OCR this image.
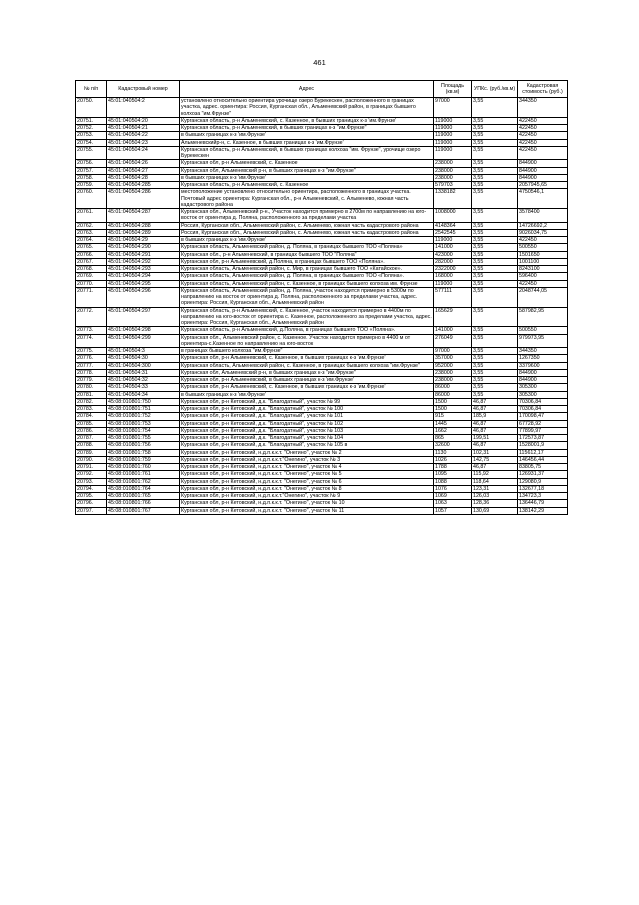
461
№ п/п	Кадастровый номер	Адрес	Площадь (кв.м)	УПКс. (руб./кв.м)	Кадастровая стоимость (руб.)
20750.	45:01:040504:2	установлено относительно ориентира урочище озеро Бурекескен, расположенного в границах участка, адрес. ориентира: Россия, Курганская обл., Альменевский район, в границах бывшего колхоза "им.Фрунзе"	97000	3,55	344350
20751.	45:01:040504:20	Курганская область, р-н Альменевский, с. Казенное, в бывших границах к-з 'им.Фрунзе'	119000	3,55	422450
20752.	45:01:040504:21	Курганская область, р-н Альменевский, в бывших границах к-з "им.Фрунзе"	119000	3,55	422450
20753.	45:01:040504:22	в бывших границах к-з 'им.Фрунзе'	119000	3,55	422450
20754.	45:01:040504:23	Альменевскийр-н, с. Казенное, в бывших границах к-з 'им.Фрунзе'	119000	3,55	422450
20755.	45:01:040504:24	Курганская область, р-н Альменевский, в бывших границах колхоза "им. Фрунзе", урочище озеро Бурекескен	119000	3,55	422450
20756.	45:01:040504:26	Курганская обл, р-н Альменевский, с. Казенное	238000	3,55	844900
20757.	45:01:040504:27	Курганская обл, Альменевский р-н, в бывших границах к-з "им.Фрунзе"	238000	3,55	844900
20758.	45:01:040504:28	в бывших границах к-з 'им.Фрунзе'	238000	3,55	844900
20759.	45:01:040504:285	Курганская область, р-н Альменевский, с. Казенное	579703	3,55	2057945,65
20760.	45:01:040504:286	местоположение установлено относительно ориентира, расположенного в границах участка. Почтовый адрес ориентира: Курганская обл., р-н Альменевский, с. Альменево, южная часть кадастрового района	1338182	3,55	4750546,1
20761.	45:01:040504:287	Курганская обл., Альменевский р-н., Участок находится примерно в 2700м по направлению на юго-восток от ориентира д. Поляна, расположенного за пределами участка	1008000	3,55	3578400
20762.	45:01:040504:288	Россия, Курганская обл., Альменевский район, с. Альменево, южная часть кадастрового района	4148364	3,55	14726692,2
20763.	45:01:040504:289	Россия, Курганская обл., Альменевский район, с. Альменево, южная часть кадастрового района	2542545	3,55	9026034,75
20764.	45:01:040504:29	в бывших границах к-з 'им.Фрунзе'	119000	3,55	422450
20765.	45:01:040504:290	Курганская область, Альменевский район, д. Поляна, в границах бывшего ТОО «Поляна»	141000	3,55	500550
20766.	45:01:040504:291	Курганская обл., р-н Альменевский, в границах бывшего ТОО "Поляна"	423000	3,55	1501650
20767.	45:01:040504:292	Курганская обл, р-н Альменевский, д.Поляна, в границах бывшего ТОО «Поляна».	282000	3,55	1001100
20768.	45:01:040504:293	Курганская область, Альменевский район, с. Мир, в границах бывшего ТОО «Катайское».	2322000	3,55	8243100
20769.	45:01:040504:294	Курганская область, Альменевский район, д. Поляна, в границах бывшего ТОО «Поляна».	168000	3,55	596400
20770.	45:01:040504:295	Курганская область, Альменевский район, с. Казенное, в границах бывшего колхоза им. Фрунзе	119000	3,55	422450
20771.	45:01:040504:296	Курганская область, Альменевский район, д. Поляна, участок находится примерно в 5300м по направлению на восток от ориентира д. Поляна, расположенного за пределами участка, адрес. ориентира: Россия, Курганская обл., Альменевский район	577111	3,55	2048744,05
20772.	45:01:040504:297	Курганская область, р-н Альменевский, с. Казенное, участок находится примерно в 4400м по направлению на юго-восток от ориентира с. Казенное, расположенного за пределами участка, адрес. ориентира: Россия, Курганская обл., Альменевский район	165629	3,55	587982,95
20773.	45:01:040504:298	Курганская область, р-н Альменевский, д.Поляна, в границах бывшего ТОО «Поляна».	141000	3,55	500550
20774.	45:01:040504:299	Курганская обл., Альменевский район, с. Казенное. Участок находится примерно в 4400 м от ориентира-с.Казенное по направлению на юго-восток	276049	3,55	979973,95
20775.	45:01:040504:3	в границах бывшего колхоза "им.Фрунзе"	97000	3,55	344350
20776.	45:01:040504:30	Курганская обл, р-н Альменевский, с. Казенное, в бывших границах к-з 'им.Фрунзе'	357000	3,55	1267350
20777.	45:01:040504:300	Курганская область, Альменевский район, с. Казенное, в границах бывшего колхоза "им.Фрунзе"	952000	3,55	3379600
20778.	45:01:040504:31	Курганская обл, Альменевский р-н, в бывших границах к-з "им.Фрунзе"	238000	3,55	844900
20779.	45:01:040504:32	Курганская обл, р-н Альменевский, в бывших границах к-з 'им.Фрунзе'	238000	3,55	844900
20780.	45:01:040504:33	Курганская обл, р-н Альменевский, с. Казенное, в бывших границах к-з 'им.Фрунзе'	86000	3,55	305300
20781.	45:01:040504:34	в бывших границах к-з 'им.Фрунзе'	86000	3,55	305300
20782.	45:08:010801:750	Курганская обл, р-н Кетовский, д.к. "Благодатный", участок № 99	1500	46,87	70306,84
20783.	45:08:010801:751	Курганская обл, р-н Кетовский, д.к. "Благодатный", участок № 100	1500	46,87	70306,84
20784.	45:08:010801:752	Курганская обл, р-н Кетовский, д.к. "Благодатный", участок № 101	915	185,9	170098,47
20785.	45:08:010801:753	Курганская обл, р-н Кетовский, д.к. "Благодатный", участок № 102	1445	46,87	67728,92
20786.	45:08:010801:754	Курганская обл, р-н Кетовский, д.к. "Благодатный", участок № 103	1662	46,87	77899,97
20787.	45:08:010801:755	Курганская обл, р-н Кетовский, д.к. "Благодатный", участок № 104	865	199,51	172573,87
20788.	45:08:010801:756	Курганская обл, р-н Кетовский, д.к. "Благодатный", участок № 105 в	32600	46,87	1528001,9
20789.	45:08:010801:758	Курганская обл, р-н Кетовский, н.д.п.к.к.т. "Онегино", участок № 2	1130	102,31	115612,17
20790.	45:08:010801:759	Курганская обл, р-н Кетовский, н.д.п.к.к.т."Онегино", участок № 3	1026	142,75	146456,44
20791.	45:08:010801:760	Курганская обл, р-н Кетовский, н.д.п.к.к.т. "Онегино", участок № 4	1788	46,87	83805,75
20792.	45:08:010801:761	Курганская обл, р-н Кетовский, н.д.п.к.к.т. "Онегино", участок № 5	1095	115,92	126931,37
20793.	45:08:010801:762	Курганская обл, р-н Кетовский, н.д.п.к.к.т. "Онегино", участок № 6	1088	118,64	129080,9
20794.	45:08:010801:764	Курганская обл, р-н Кетовский, н.д.п.к.к.т. "Онегино", участок № 8	1076	123,31	132677,18
20795.	45:08:010801:765	Курганская обл, р-н Кетовский, н.д.п.к.к.т."Онегино", участок № 9	1069	126,03	134723,3
20796.	45:08:010801:766	Курганская обл, р-н Кетовский, н.д.п.к.к.т. "Онегино", участок № 10	1063	128,36	136446,79
20797.	45:08:010801:767	Курганская обл, р-н Кетовский, н.д.п.к.к.т. "Онегино", участок № 11	1057	130,69	138142,29
